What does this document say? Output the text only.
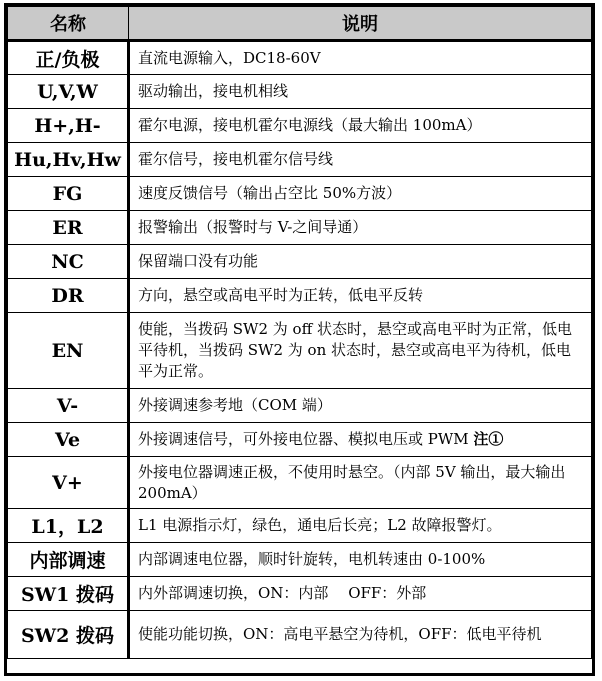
名称	说明
正/负极	直流电源输入，DC18-60V
U,V,W	驱动输出，接电机相线
H+,H-	霍尔电源，接电机霍尔电源线（最大输出 100mA）
Hu,Hv,Hw	霍尔信号，接电机霍尔信号线
FG	速度反馈信号（输出占空比 50%方波）
ER	报警输出（报警时与 V-之间导通）
NC	保留端口没有功能
DR	方向，悬空或高电平时为正转，低电平反转
EN	使能，当拨码 SW2 为 off 状态时，悬空或高电平时为正常，低电平待机，当拨码 SW2 为 on 状态时，悬空或高电平为待机，低电平为正常。
V-	外接调速参考地（COM 端）
Ve	外接调速信号，可外接电位器、模拟电压或 PWM 注①
V+	外接电位器调速正极，不使用时悬空。（内部 5V 输出，最大输出 200mA）
L1，L2	L1 电源指示灯，绿色，通电后长亮；L2 故障报警灯。
内部调速	内部调速电位器，顺时针旋转，电机转速由 0-100%
SW1 拨码	内外部调速切换，ON：内部　 OFF：外部
SW2 拨码	使能功能切换，ON：高电平悬空为待机，OFF：低电平待机
